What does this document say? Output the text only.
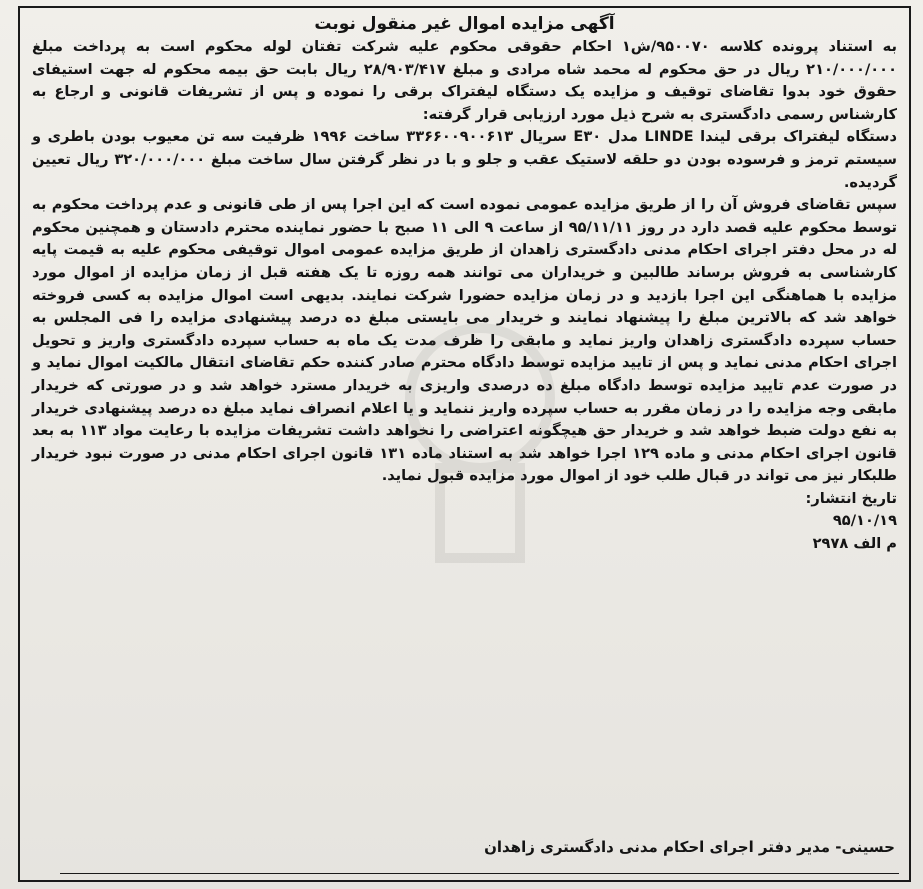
آگهی مزایده اموال غیر منقول نوبت

به استناد پرونده کلاسه ۹۵۰۰۷۰/ش۱ احکام حقوقی محکوم علیه شرکت تفتان لوله محکوم است به پرداخت مبلغ ۲۱۰/۰۰۰/۰۰۰ ریال در حق محکوم له محمد شاه مرادی و مبلغ ۲۸/۹۰۳/۴۱۷ ریال بابت حق بیمه محکوم له جهت استیفای حقوق خود بدوا تقاضای توقیف و مزایده یک دستگاه لیفتراک برقی را نموده و پس از تشریفات قانونی و ارجاع به کارشناس رسمی دادگستری به شرح ذیل مورد ارزیابی قرار گرفته:

دستگاه لیفتراک برقی لیندا LINDE مدل E۳۰ سریال ۳۳۶۶۰۰۹۰۰۶۱۳ ساخت ۱۹۹۶ ظرفیت سه تن معیوب بودن باطری و سیستم ترمز و فرسوده بودن دو حلقه لاستیک عقب و جلو و با در نظر گرفتن سال ساخت مبلغ ۳۲۰/۰۰۰/۰۰۰ ریال تعیین گردیده.

سپس تقاضای فروش آن را از طریق مزایده عمومی نموده است که این اجرا پس از طی قانونی و عدم پرداخت محکوم به توسط محکوم علیه قصد دارد در روز ۹۵/۱۱/۱۱ از ساعت ۹ الی ۱۱ صبح با حضور نماینده محترم دادستان و همچنین محکوم له در محل دفتر اجرای احکام مدنی دادگستری زاهدان از طریق مزایده عمومی اموال توقیفی محکوم علیه به قیمت پایه کارشناسی به فروش برساند طالبین و خریداران می توانند همه روزه تا یک هفته قبل از زمان مزایده از اموال مورد مزایده با هماهنگی این اجرا بازدید و در زمان مزایده حضورا شرکت نمایند. بدیهی است اموال مزایده به کسی فروخته خواهد شد که بالاترین مبلغ را پیشنهاد نمایند و خریدار می بایستی مبلغ ده درصد پیشنهادی مزایده را فی المجلس به حساب سپرده دادگستری زاهدان واریز نماید و مابقی را ظرف مدت یک ماه به حساب سپرده دادگستری واریز و تحویل اجرای احکام مدنی نماید و پس از تایید مزایده توسط دادگاه محترم صادر کننده حکم تقاضای انتقال مالکیت اموال نماید و در صورت عدم تایید مزایده توسط دادگاه مبلغ ده درصدی واریزی به خریدار مسترد خواهد شد و در صورتی که خریدار مابقی وجه مزایده را در زمان مقرر به حساب سپرده واریز ننماید و یا اعلام انصراف نماید مبلغ ده درصد پیشنهادی خریدار به نفع دولت ضبط خواهد شد و خریدار حق هیچگونه اعتراضی را نخواهد داشت تشریفات مزایده با رعایت مواد ۱۱۳ به بعد قانون اجرای احکام مدنی و ماده ۱۲۹ اجرا خواهد شد به استناد ماده ۱۳۱ قانون اجرای احکام مدنی در صورت نبود خریدار طلبکار نیز می تواند در قبال طلب خود از اموال مورد مزایده قبول نماید.

تاریخ انتشار:
۹۵/۱۰/۱۹
م الف ۲۹۷۸
حسینی- مدیر دفتر اجرای احکام مدنی دادگستری زاهدان
